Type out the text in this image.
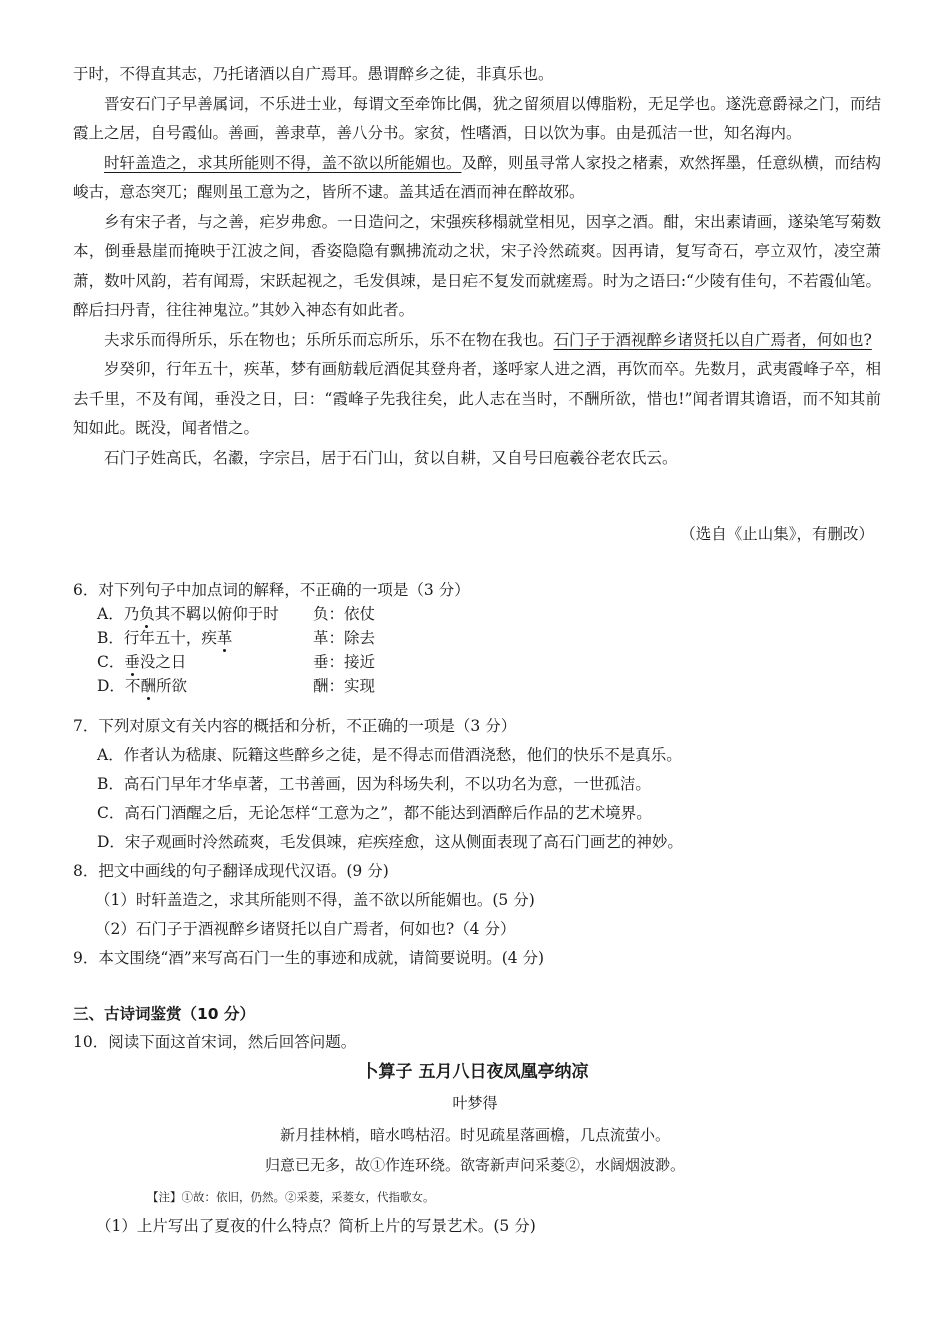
于时，不得直其志，乃托诸酒以自广焉耳。愚谓醉乡之徒，非真乐也。

晋安石门子早善属词，不乐进士业，每谓文至牵饰比偶，犹之留须眉以傅脂粉，无足学也。遂洗意爵禄之门，而结霞上之居，自号霞仙。善画，善隶草，善八分书。家贫，性嗜酒，日以饮为事。由是孤洁一世，知名海内。

时轩盖造之，求其所能则不得，盖不欲以所能媚也。及醉，则虽寻常人家投之楮素，欢然挥墨，任意纵横，而结构峻古，意态突兀；醒则虽工意为之，皆所不逮。盖其适在酒而神在醉故邪。

乡有宋子者，与之善，疟岁弗愈。一日造问之，宋强疾移榻就堂相见，因享之酒。酣，宋出素请画，遂染笔写菊数本，倒垂悬崖而掩映于江波之间，香姿隐隐有飘拂流动之状，宋子泠然疏爽。因再请，复写奇石，亭立双竹，凌空萧萧，数叶风韵，若有闻焉，宋跃起视之，毛发俱竦，是日疟不复发而就瘥焉。时为之语曰:“少陵有佳句，不若霞仙笔。醉后扫丹青，往往神鬼泣。”其妙入神态有如此者。

夫求乐而得所乐，乐在物也；乐所乐而忘所乐，乐不在物在我也。石门子于酒视醉乡诸贤托以自广焉者，何如也?

岁癸卯，行年五十，疾革，梦有画舫载卮酒促其登舟者，遂呼家人进之酒，再饮而卒。先数月，武夷霞峰子卒，相去千里，不及有闻，垂没之日，曰：“霞峰子先我往矣，此人志在当时，不酬所欲，惜也!”闻者谓其谵语，而不知其前知如此。既没，闻者惜之。

石门子姓高氏，名瀫，字宗吕，居于石门山，贫以自耕，又自号曰庖羲谷老农氏云。

（选自《止山集》，有删改）
6．对下列句子中加点词的解释，不正确的一项是（3 分）
A．乃负其不羁以俯仰于时	负：依仗
B．行年五十，疾革	革：除去
C．垂没之日	垂：接近
D．不酬所欲	酬：实现
7．下列对原文有关内容的概括和分析，不正确的一项是（3 分）
A．作者认为嵇康、阮籍这些醉乡之徒，是不得志而借酒浇愁，他们的快乐不是真乐。
B．高石门早年才华卓著，工书善画，因为科场失利，不以功名为意，一世孤洁。
C．高石门酒醒之后，无论怎样“工意为之”，都不能达到酒醉后作品的艺术境界。
D．宋子观画时泠然疏爽，毛发俱竦，疟疾痊愈，这从侧面表现了高石门画艺的神妙。
8．把文中画线的句子翻译成现代汉语。(9 分)
（1）时轩盖造之，求其所能则不得，盖不欲以所能媚也。(5 分)
（2）石门子于酒视醉乡诸贤托以自广焉者，何如也?（4 分）
9．本文围绕“酒”来写高石门一生的事迹和成就，请简要说明。(4 分)
三、古诗词鉴赏（10 分）
10．阅读下面这首宋词，然后回答问题。
卜算子 五月八日夜凤凰亭纳凉
叶梦得
新月挂林梢，暗水鸣枯沼。时见疏星落画檐，几点流萤小。
归意已无多，故①作连环绕。欲寄新声问采菱②，水阔烟波渺。
【注】①故：依旧，仍然。②采菱，采菱女，代指歌女。
（1）上片写出了夏夜的什么特点？简析上片的写景艺术。(5 分)
